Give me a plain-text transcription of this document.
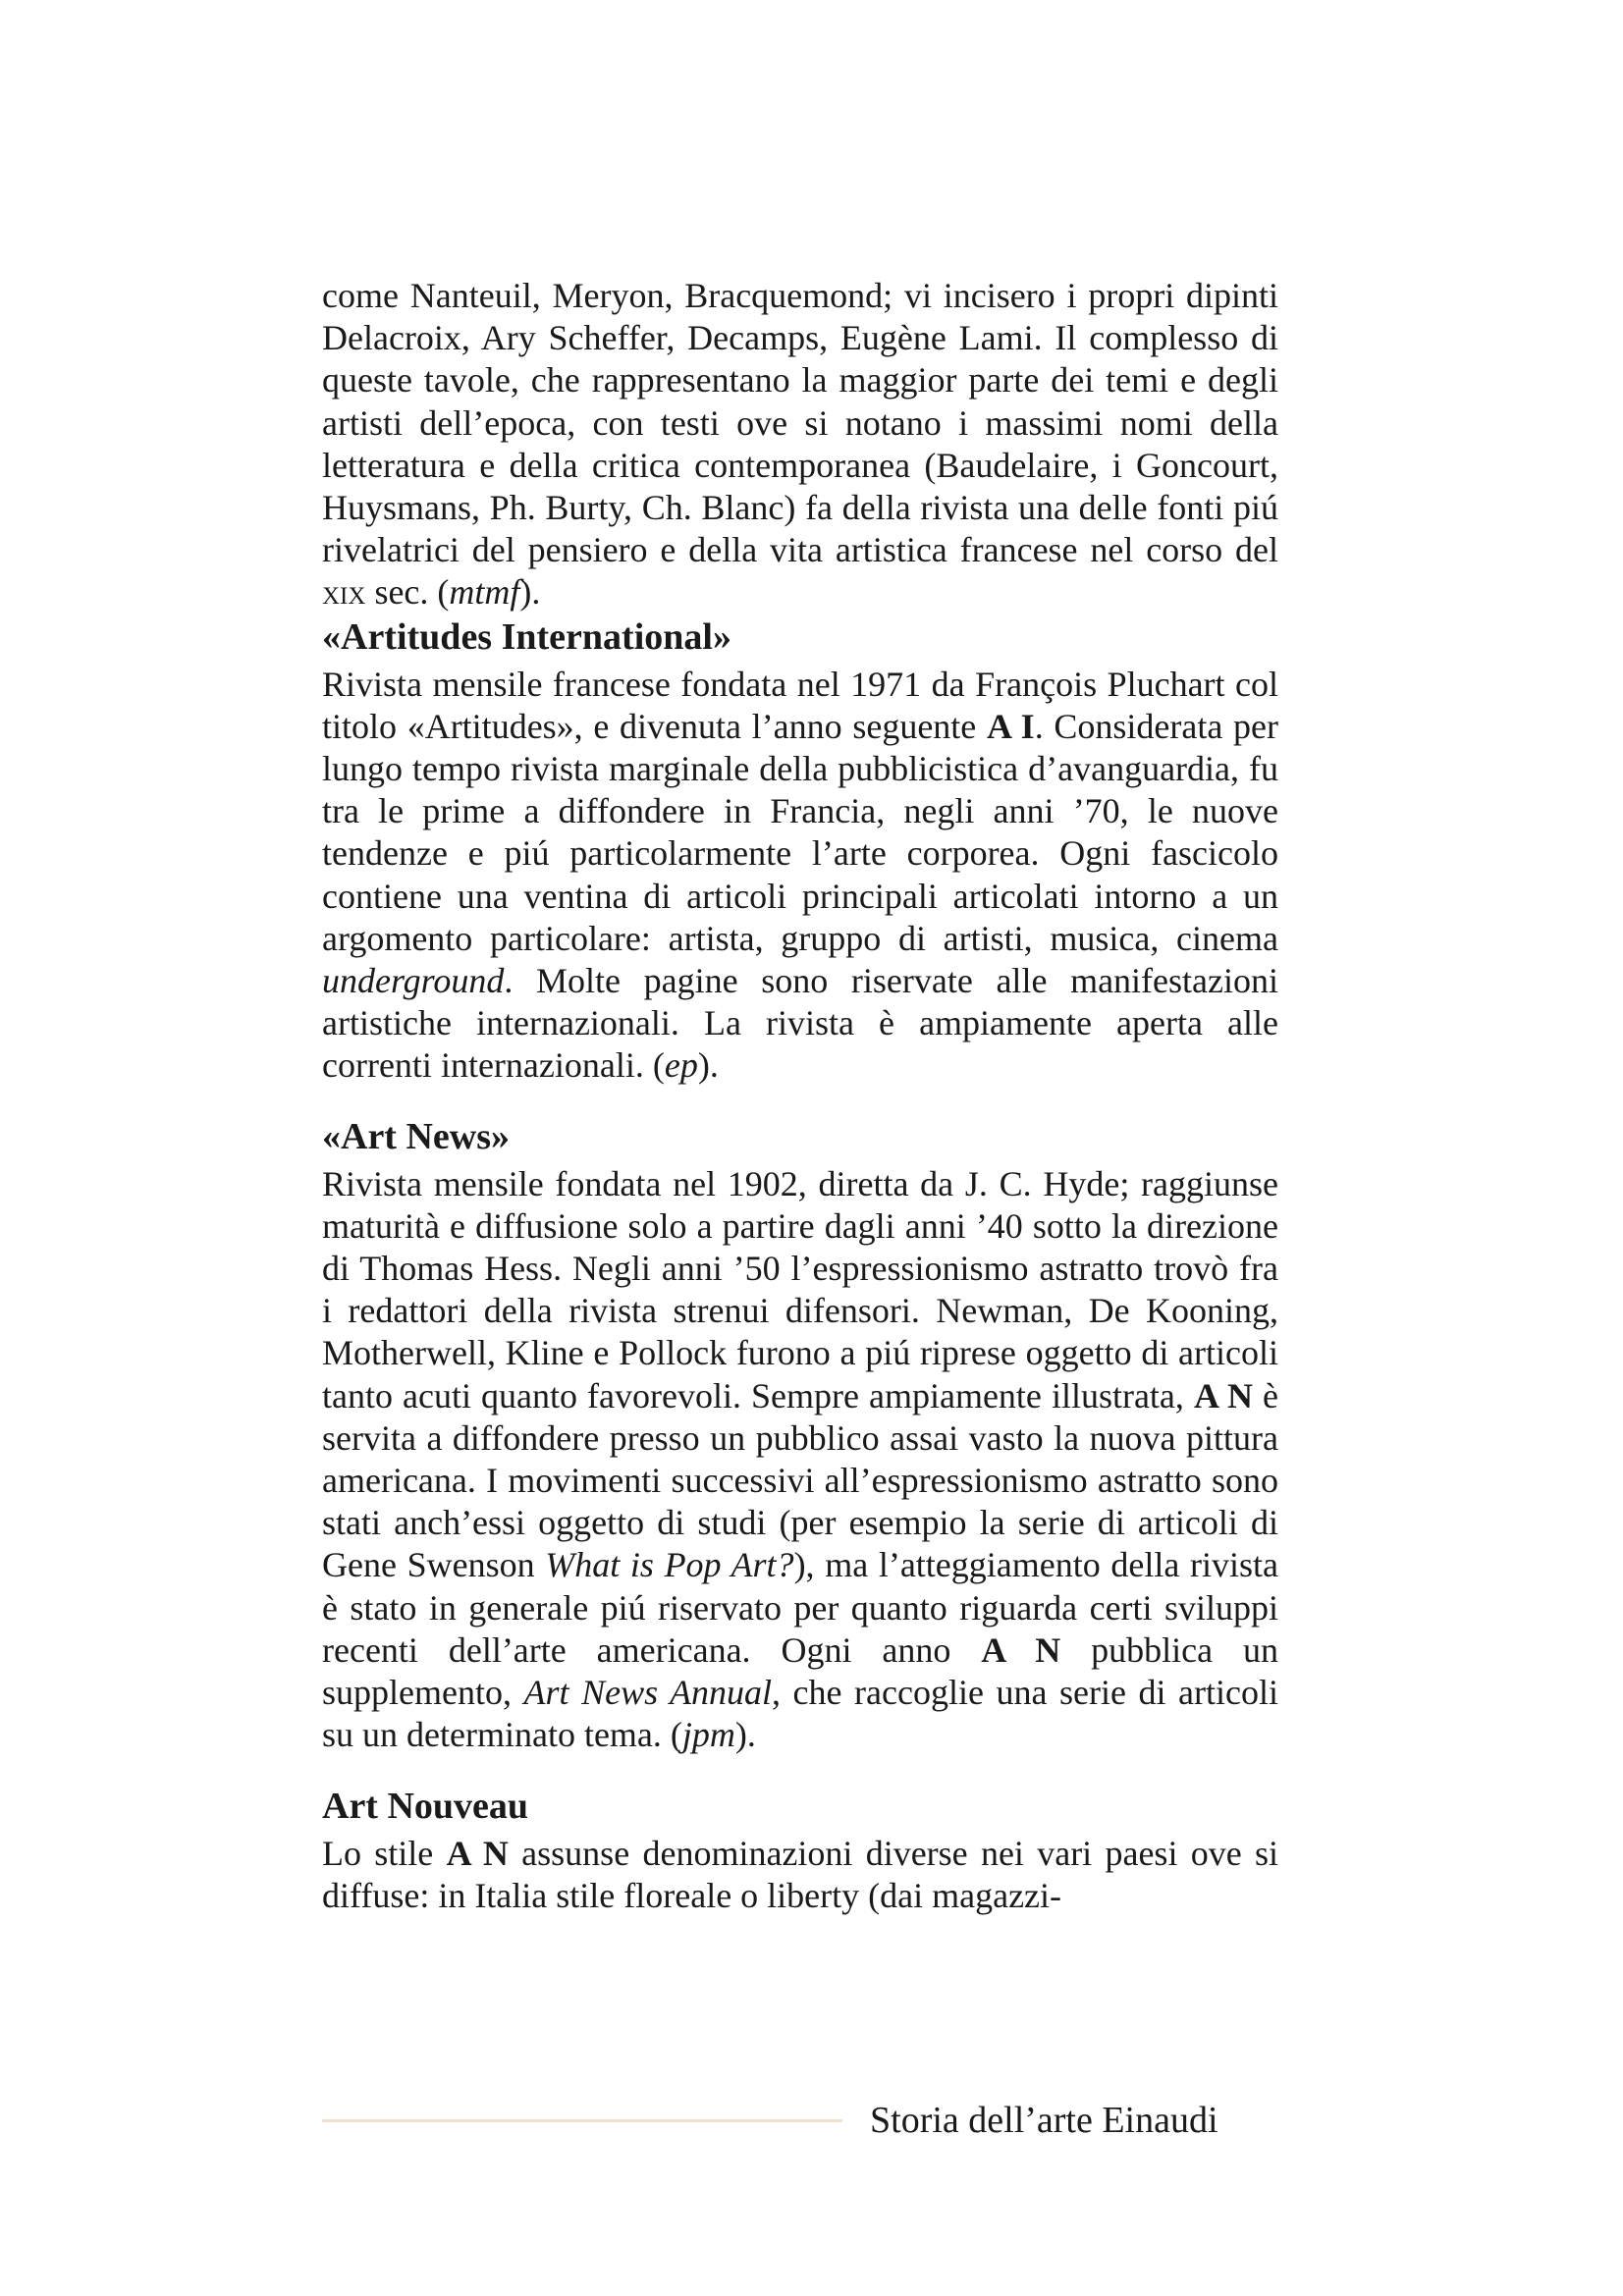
come Nanteuil, Meryon, Bracquemond; vi incisero i propri dipinti Delacroix, Ary Scheffer, Decamps, Eugène Lami. Il complesso di queste tavole, che rappresentano la maggior parte dei temi e degli artisti dell’epoca, con testi ove si notano i massimi nomi della letteratura e della critica contemporanea (Baudelaire, i Goncourt, Huysmans, Ph. Burty, Ch. Blanc) fa della rivista una delle fonti piú rivelatrici del pensiero e della vita artistica francese nel corso del xix sec. (mtmf).

«Artitudes International»

Rivista mensile francese fondata nel 1971 da François Pluchart col titolo «Artitudes», e divenuta l’anno seguente A I. Considerata per lungo tempo rivista marginale della pubblicistica d’avanguardia, fu tra le prime a diffondere in Francia, negli anni ’70, le nuove tendenze e piú particolarmente l’arte corporea. Ogni fascicolo contiene una ventina di articoli principali articolati intorno a un argomento particolare: artista, gruppo di artisti, musica, cinema underground. Molte pagine sono riservate alle manifestazioni artistiche internazionali. La rivista è ampiamente aperta alle correnti internazionali. (ep).

«Art News»

Rivista mensile fondata nel 1902, diretta da J. C. Hyde; raggiunse maturità e diffusione solo a partire dagli anni ’40 sotto la direzione di Thomas Hess. Negli anni ’50 l’espressionismo astratto trovò fra i redattori della rivista strenui difensori. Newman, De Kooning, Motherwell, Kline e Pollock furono a piú riprese oggetto di articoli tanto acuti quanto favorevoli. Sempre ampiamente illustrata, A N è servita a diffondere presso un pubblico assai vasto la nuova pittura americana. I movimenti successivi all’espressionismo astratto sono stati anch’essi oggetto di studi (per esempio la serie di articoli di Gene Swenson What is Pop Art?), ma l’atteggiamento della rivista è stato in generale piú riservato per quanto riguarda certi sviluppi recenti dell’arte americana. Ogni anno A N pubblica un supplemento, Art News Annual, che raccoglie una serie di articoli su un determinato tema. (jpm).

Art Nouveau

Lo stile A N assunse denominazioni diverse nei vari paesi ove si diffuse: in Italia stile floreale o liberty (dai magazzi-

Storia dell’arte Einaudi
